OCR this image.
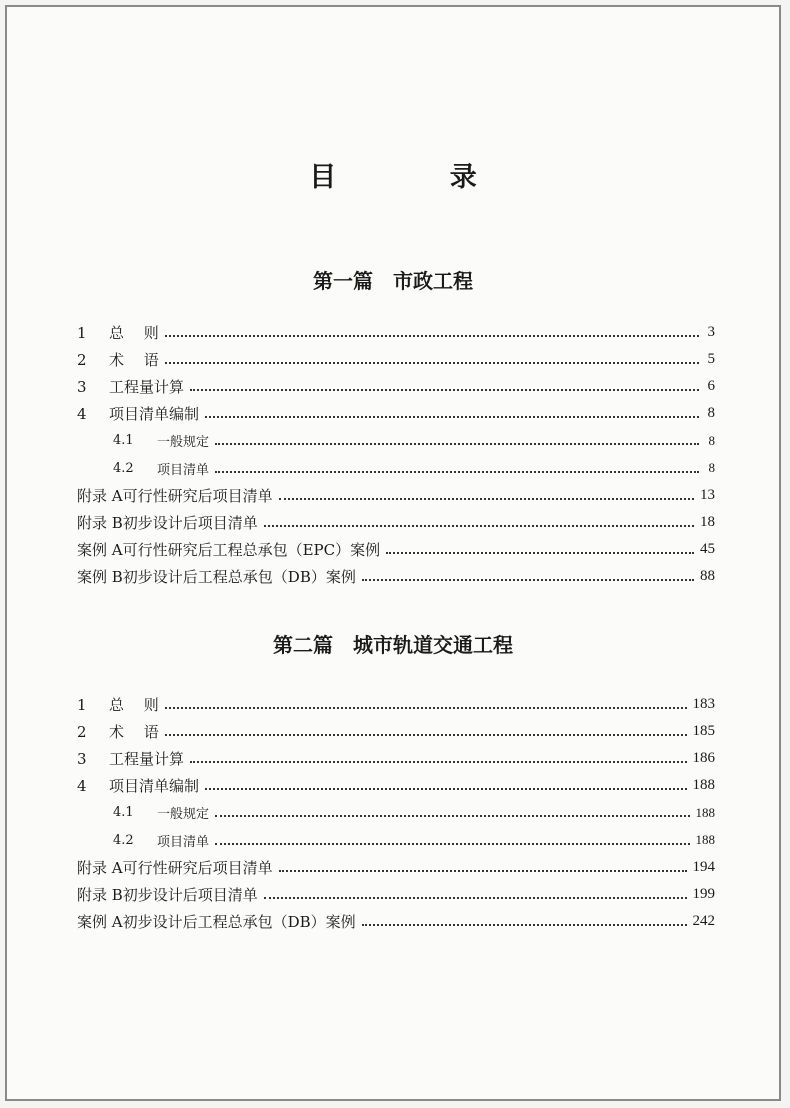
目 录
第一篇 市政工程
1	总　 则	3
2	术　 语	5
3	工程量计算	6
4	项目清单编制	8
4.1	一般规定	8
4.2	项目清单	8
附录 A 可行性研究后项目清单	13
附录 B 初步设计后项目清单	18
案例 A 可行性研究后工程总承包（EPC）案例	45
案例 B 初步设计后工程总承包（DB）案例	88
第二篇 城市轨道交通工程
1	总　 则	183
2	术　 语	185
3	工程量计算	186
4	项目清单编制	188
4.1	一般规定	188
4.2	项目清单	188
附录 A 可行性研究后项目清单	194
附录 B 初步设计后项目清单	199
案例 A 初步设计后工程总承包（DB）案例	242
